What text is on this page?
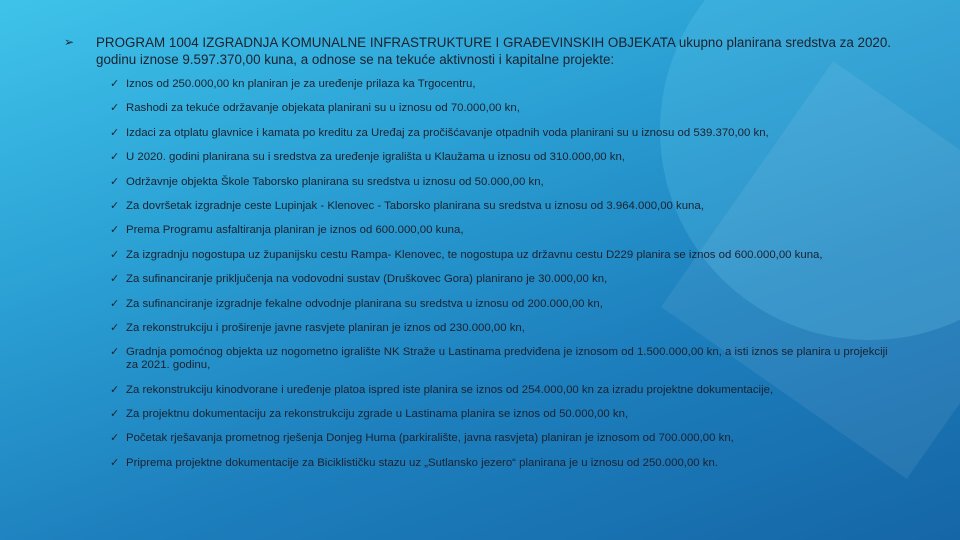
➢ PROGRAM 1004 IZGRADNJA KOMUNALNE INFRASTRUKTURE I GRAĐEVINSKIH OBJEKATA ukupno planirana sredstva za 2020. godinu iznose 9.597.370,00 kuna, a odnose se na tekuće aktivnosti i kapitalne projekte:
✓ Iznos od 250.000,00 kn planiran je za uređenje prilaza ka Trgocentru,
✓ Rashodi za tekuće održavanje objekata planirani su u iznosu od 70.000,00 kn,
✓ Izdaci za otplatu glavnice i kamata po kreditu za Uređaj za pročišćavanje otpadnih voda planirani su u iznosu od 539.370,00 kn,
✓ U 2020. godini planirana su i sredstva za uređenje igrališta u Klaužama u iznosu od 310.000,00 kn,
✓ Održavnje objekta Škole Taborsko planirana su sredstva u iznosu od 50.000,00 kn,
✓ Za dovršetak izgradnje ceste Lupinjak - Klenovec - Taborsko planirana su sredstva u iznosu od 3.964.000,00 kuna,
✓ Prema Programu asfaltiranja planiran je iznos od 600.000,00 kuna,
✓ Za izgradnju nogostupa uz županijsku cestu Rampa- Klenovec, te nogostupa uz državnu cestu D229 planira se iznos od 600.000,00 kuna,
✓ Za sufinanciranje priključenja na vodovodni sustav (Druškovec Gora) planirano je 30.000,00 kn,
✓ Za sufinanciranje izgradnje fekalne odvodnje planirana su sredstva u iznosu od 200.000,00 kn,
✓ Za rekonstrukciju i proširenje javne rasvjete planiran je iznos od 230.000,00 kn,
✓ Gradnja pomoćnog objekta uz nogometno igralište NK Straže u Lastinama predviđena je iznosom od 1.500.000,00 kn, a isti iznos se planira u projekciji za 2021. godinu,
✓ Za rekonstrukciju kinodvorane i uređenje platoa ispred iste planira se iznos od 254.000,00 kn za izradu projektne dokumentacije,
✓ Za projektnu dokumentaciju za rekonstrukciju zgrade u Lastinama planira se iznos od 50.000,00 kn,
✓ Početak rješavanja prometnog rješenja Donjeg Huma (parkiralište, javna rasvjeta) planiran je iznosom od 700.000,00 kn,
✓ Priprema projektne dokumentacije za Biciklističku stazu uz „Sutlansko jezero“ planirana je u iznosu od 250.000,00 kn.
